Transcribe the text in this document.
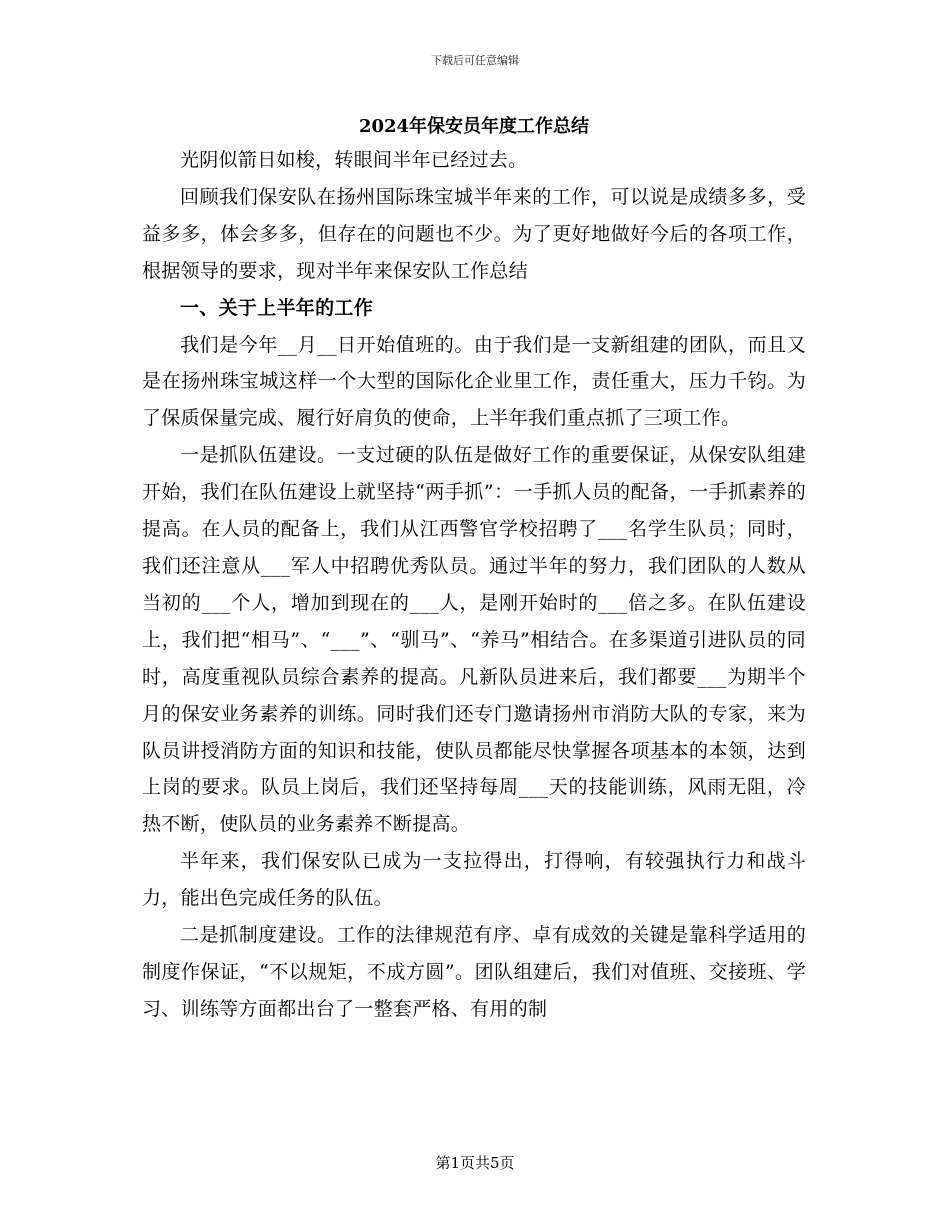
下载后可任意编辑
2024年保安员年度工作总结

光阴似箭日如梭，转眼间半年已经过去。

回顾我们保安队在扬州国际珠宝城半年来的工作，可以说是成绩多多，受益多多，体会多多，但存在的问题也不少。为了更好地做好今后的各项工作，根据领导的要求，现对半年来保安队工作总结

一、关于上半年的工作

我们是今年__月__日开始值班的。由于我们是一支新组建的团队，而且又是在扬州珠宝城这样一个大型的国际化企业里工作，责任重大，压力千钧。为了保质保量完成、履行好肩负的使命，上半年我们重点抓了三项工作。

一是抓队伍建设。一支过硬的队伍是做好工作的重要保证，从保安队组建开始，我们在队伍建设上就坚持“两手抓”：一手抓人员的配备，一手抓素养的提高。在人员的配备上，我们从江西警官学校招聘了___名学生队员；同时，我们还注意从___军人中招聘优秀队员。通过半年的努力，我们团队的人数从当初的___个人，增加到现在的___人，是刚开始时的___倍之多。在队伍建设上，我们把“相马”、“___”、“驯马”、“养马”相结合。在多渠道引进队员的同时，高度重视队员综合素养的提高。凡新队员进来后，我们都要___为期半个月的保安业务素养的训练。同时我们还专门邀请扬州市消防大队的专家，来为队员讲授消防方面的知识和技能，使队员都能尽快掌握各项基本的本领，达到上岗的要求。队员上岗后，我们还坚持每周___天的技能训练，风雨无阻，冷热不断，使队员的业务素养不断提高。

半年来，我们保安队已成为一支拉得出，打得响，有较强执行力和战斗力，能出色完成任务的队伍。

二是抓制度建设。工作的法律规范有序、卓有成效的关键是靠科学适用的制度作保证，“不以规矩，不成方圆”。团队组建后，我们对值班、交接班、学习、训练等方面都出台了一整套严格、有用的制

第1页共5页
